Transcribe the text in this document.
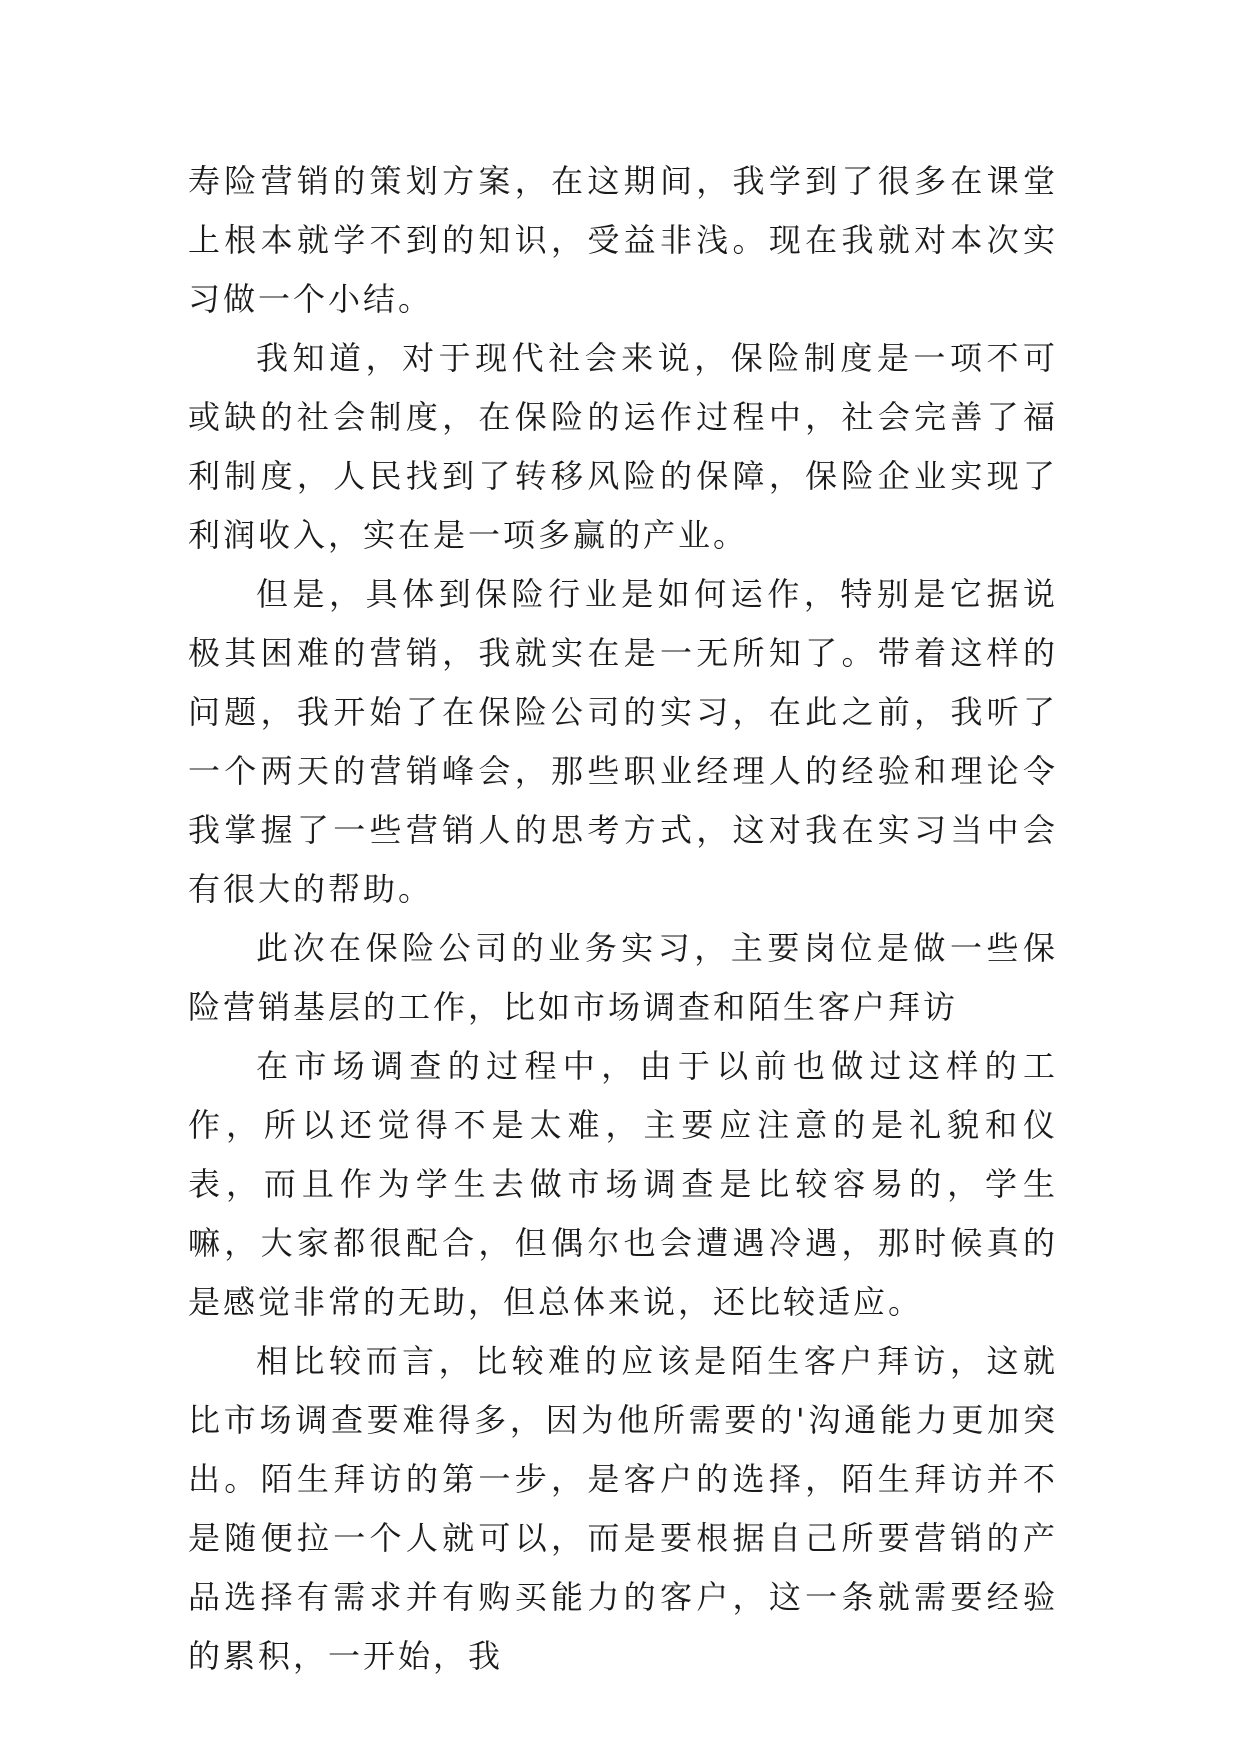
寿险营销的策划方案，在这期间，我学到了很多在课堂上根本就学不到的知识，受益非浅。现在我就对本次实习做一个小结。

我知道，对于现代社会来说，保险制度是一项不可或缺的社会制度，在保险的运作过程中，社会完善了福利制度，人民找到了转移风险的保障，保险企业实现了利润收入，实在是一项多赢的产业。

但是，具体到保险行业是如何运作，特别是它据说极其困难的营销，我就实在是一无所知了。带着这样的问题，我开始了在保险公司的实习，在此之前，我听了一个两天的营销峰会，那些职业经理人的经验和理论令我掌握了一些营销人的思考方式，这对我在实习当中会有很大的帮助。

此次在保险公司的业务实习，主要岗位是做一些保险营销基层的工作，比如市场调查和陌生客户拜访

在市场调查的过程中，由于以前也做过这样的工作，所以还觉得不是太难，主要应注意的是礼貌和仪表，而且作为学生去做市场调查是比较容易的，学生嘛，大家都很配合，但偶尔也会遭遇冷遇，那时候真的是感觉非常的无助，但总体来说，还比较适应。

相比较而言，比较难的应该是陌生客户拜访，这就比市场调查要难得多，因为他所需要的'沟通能力更加突出。陌生拜访的第一步，是客户的选择，陌生拜访并不是随便拉一个人就可以，而是要根据自己所要营销的产品选择有需求并有购买能力的客户，这一条就需要经验的累积，一开始，我
